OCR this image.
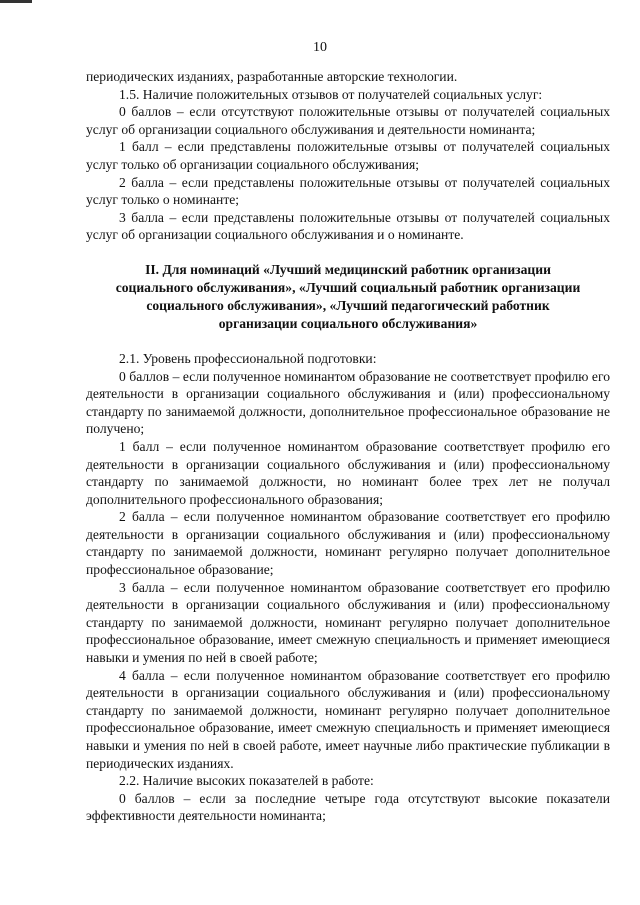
10

периодических изданиях, разработанные авторские технологии.

1.5. Наличие положительных отзывов от получателей социальных услуг:

0 баллов – если отсутствуют положительные отзывы от получателей социальных услуг об организации социального обслуживания и деятельности номинанта;

1 балл – если представлены положительные отзывы от получателей социальных услуг только об организации социального обслуживания;

2 балла – если представлены положительные отзывы от получателей социальных услуг только о номинанте;

3 балла – если представлены положительные отзывы от получателей социальных услуг об организации социального обслуживания и о номинанте.

II. Для номинаций «Лучший медицинский работник организации социального обслуживания», «Лучший социальный работник организации социального обслуживания», «Лучший педагогический работник организации социального обслуживания»

2.1. Уровень профессиональной подготовки:

0 баллов – если полученное номинантом образование не соответствует профилю его деятельности в организации социального обслуживания и (или) профессиональному стандарту по занимаемой должности, дополнительное профессиональное образование не получено;

1 балл – если полученное номинантом образование соответствует профилю его деятельности в организации социального обслуживания и (или) профессиональному стандарту по занимаемой должности, но номинант более трех лет не получал дополнительного профессионального образования;

2 балла – если полученное номинантом образование соответствует его профилю деятельности в организации социального обслуживания и (или) профессиональному стандарту по занимаемой должности, номинант регулярно получает дополнительное профессиональное образование;

3 балла – если полученное номинантом образование соответствует его профилю деятельности в организации социального обслуживания и (или) профессиональному стандарту по занимаемой должности, номинант регулярно получает дополнительное профессиональное образование, имеет смежную специальность и применяет имеющиеся навыки и умения по ней в своей работе;

4 балла – если полученное номинантом образование соответствует его профилю деятельности в организации социального обслуживания и (или) профессиональному стандарту по занимаемой должности, номинант регулярно получает дополнительное профессиональное образование, имеет смежную специальность и применяет имеющиеся навыки и умения по ней в своей работе, имеет научные либо практические публикации в периодических изданиях.

2.2. Наличие высоких показателей в работе:

0 баллов – если за последние четыре года отсутствуют высокие показатели эффективности деятельности номинанта;
